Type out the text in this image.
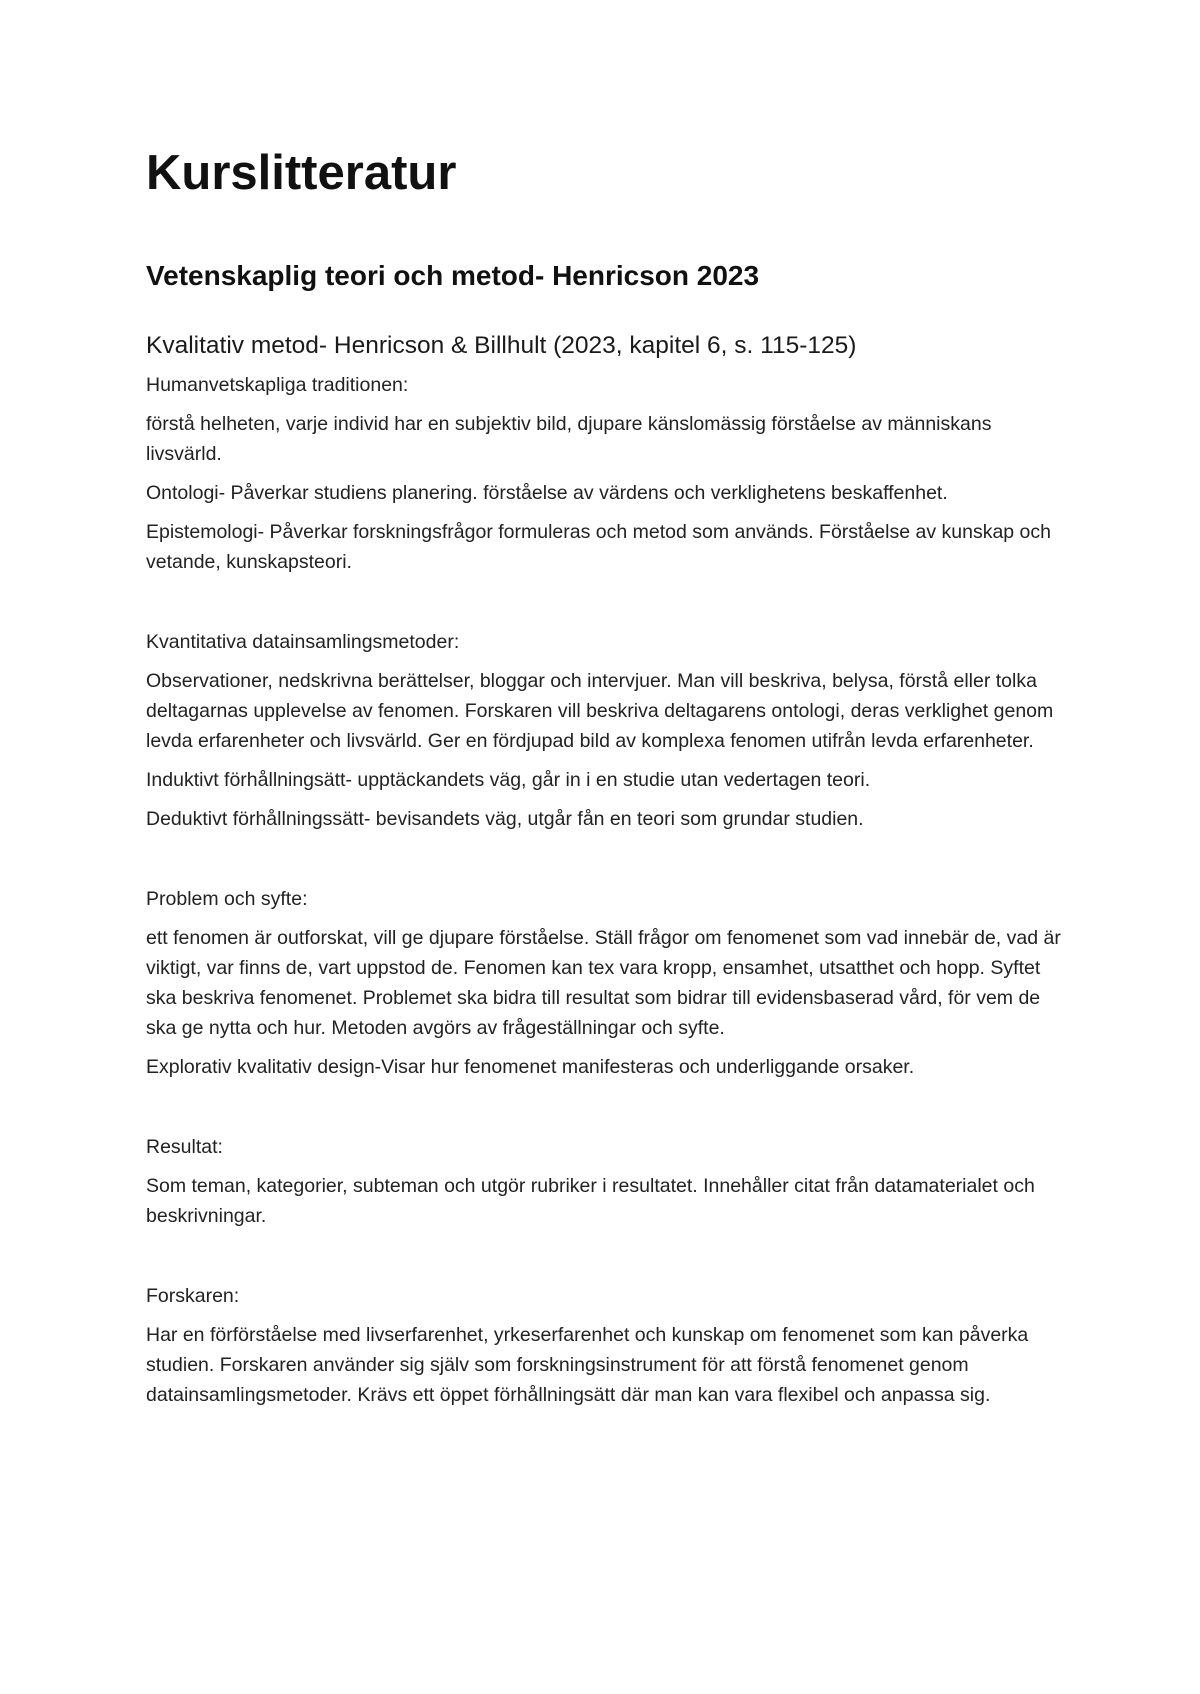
Kurslitteratur
Vetenskaplig teori och metod- Henricson 2023
Kvalitativ metod- Henricson & Billhult (2023, kapitel 6, s. 115-125)

Humanvetskapliga traditionen:

förstå helheten, varje individ har en subjektiv bild, djupare känslomässig förståelse av människans livsvärld.

Ontologi- Påverkar studiens planering. förståelse av värdens och verklighetens beskaffenhet.

Epistemologi- Påverkar forskningsfrågor formuleras och metod som används. Förståelse av kunskap och vetande, kunskapsteori.

Kvantitativa datainsamlingsmetoder:

Observationer, nedskrivna berättelser, bloggar och intervjuer. Man vill beskriva, belysa, förstå eller tolka deltagarnas upplevelse av fenomen. Forskaren vill beskriva deltagarens ontologi, deras verklighet genom levda erfarenheter och livsvärld. Ger en fördjupad bild av komplexa fenomen utifrån levda erfarenheter.

Induktivt förhållningsätt- upptäckandets väg, går in i en studie utan vedertagen teori.

Deduktivt förhållningssätt- bevisandets väg, utgår fån en teori som grundar studien.

Problem och syfte:

ett fenomen är outforskat, vill ge djupare förståelse. Ställ frågor om fenomenet som vad innebär de, vad är viktigt, var finns de, vart uppstod de. Fenomen kan tex vara kropp, ensamhet, utsatthet och hopp. Syftet ska beskriva fenomenet. Problemet ska bidra till resultat som bidrar till evidensbaserad vård, för vem de ska ge nytta och hur. Metoden avgörs av frågeställningar och syfte.

Explorativ kvalitativ design-Visar hur fenomenet manifesteras och underliggande orsaker.

Resultat:

Som teman, kategorier, subteman och utgör rubriker i resultatet. Innehåller citat från datamaterialet och beskrivningar.

Forskaren:

Har en förförståelse med livserfarenhet, yrkeserfarenhet och kunskap om fenomenet som kan påverka studien. Forskaren använder sig själv som forskningsinstrument för att förstå fenomenet genom datainsamlingsmetoder. Krävs ett öppet förhållningsätt där man kan vara flexibel och anpassa sig.
